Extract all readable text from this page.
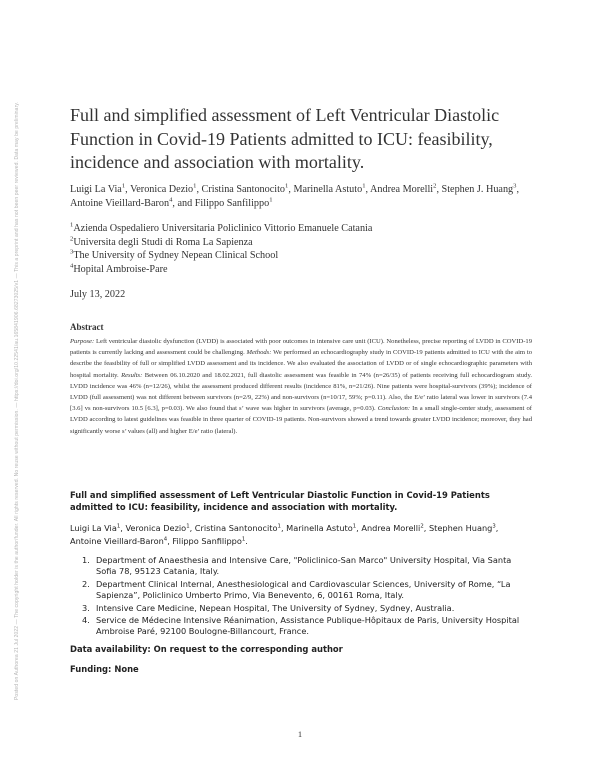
Posted on Authorea 21 Jul 2022 — The copyright holder is the author/funder. All rights reserved. No reuse without permission. — https://doi.org/10.22541/au.165841906.68273025/v1 — This a preprint and has not been peer reviewed. Data may be preliminary.	Full and simplified assessment of Left Ventricular Diastolic Function in Covid-19 Patients admitted to ICU: feasibility, incidence and association with mortality.
Luigi La Via$^1$, Veronica Dezio$^1$, Cristina Santonocito$^1$, Marinella Astuto$^1$, Andrea Morelli$^2$, Stephen J. Huang$^3$, Antoine Vieillard-Baron$^4$, and Filippo Sanfilippo$^1$
$^1$Azienda Ospedaliero Universitaria Policlinico Vittorio Emanuele Catania
$^2$Universita degli Studi di Roma La Sapienza
$^3$The University of Sydney Nepean Clinical School
$^4$Hopital Ambroise-Pare
July 13, 2022
Abstract
Purpose: Left ventricular diastolic dysfunction (LVDD) is associated with poor outcomes in intensive care unit (ICU). Nonetheless, precise reporting of LVDD in COVID-19 patients is currently lacking and assessment could be challenging. Methods: We performed an echocardiography study in COVID-19 patients admitted to ICU with the aim to describe the feasibility of full or simplified LVDD assessment and its incidence. We also evaluated the association of LVDD or of single echocardiographic parameters with hospital mortality. Results: Between 06.10.2020 and 18.02.2021, full diastolic assessment was feasible in 74% (n=26/35) of patients receiving full echocardiogram study. LVDD incidence was 46% (n=12/26), whilst the assessment produced different results (incidence 81%, n=21/26). Nine patients were hospital-survivors (39%); incidence of LVDD (full assessment) was not different between survivors (n=2/9, 22%) and non-survivors (n=10/17, 59%; p=0.11). Also, the E/e’ ratio lateral was lower in survivors (7.4 [3.6] vs non-survivors 10.5 [6.3], p=0.03). We also found that s’ wave was higher in survivors (average, p=0.03). Conclusion: In a small single-center study, assessment of LVDD according to latest guidelines was feasible in three quarter of COVID-19 patients. Non-survivors showed a trend towards greater LVDD incidence; moreover, they had significantly worse s’ values (all) and higher E/e’ ratio (lateral).
Full and simplified assessment of Left Ventricular Diastolic Function in Covid-19 Patients admitted to ICU: feasibility, incidence and association with mortality.
Luigi La Via$^1$, Veronica Dezio$^1$, Cristina Santonocito$^1$, Marinella Astuto$^1$, Andrea Morelli$^2$, Stephen Huang$^3$, Antoine Vieillard-Baron$^4$, Filippo Sanfilippo$^1$.
1. Department of Anaesthesia and Intensive Care, "Policlinico-San Marco" University Hospital, Via Santa Sofia 78, 95123 Catania, Italy.
2. Department Clinical Internal, Anesthesiological and Cardiovascular Sciences, University of Rome, “La Sapienza”, Policlinico Umberto Primo, Via Benevento, 6, 00161 Roma, Italy.
3. Intensive Care Medicine, Nepean Hospital, The University of Sydney, Sydney, Australia.
4. Service de Médecine Intensive Réanimation, Assistance Publique-Hôpitaux de Paris, University Hospital Ambroise Paré, 92100 Boulogne-Billancourt, France.
Data availability: On request to the corresponding author
Funding: None
1
